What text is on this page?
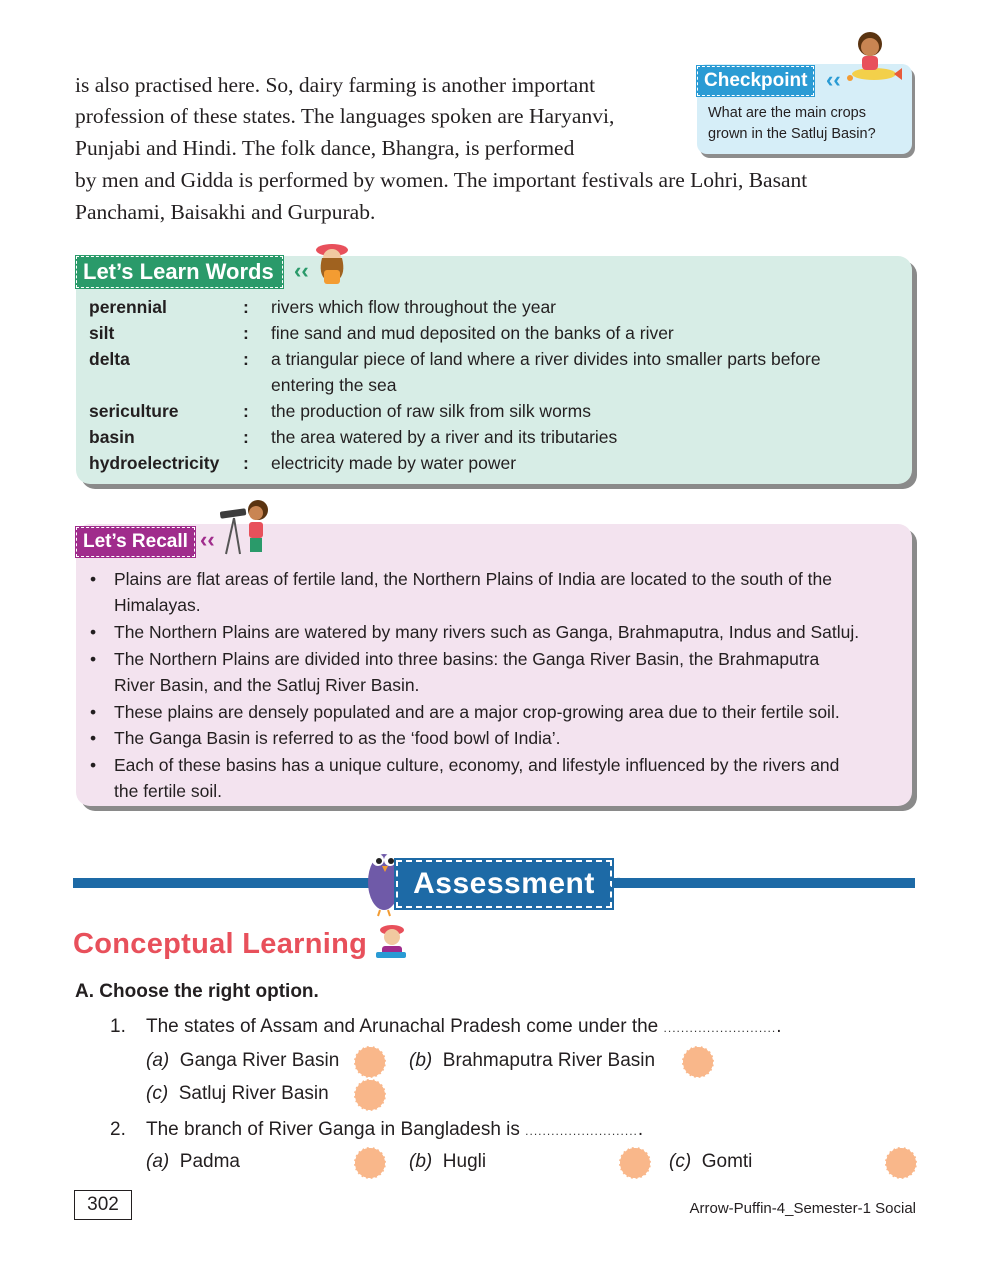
is also practised here. So, dairy farming is another important
profession of these states. The languages spoken are Haryanvi,
Punjabi and Hindi. The folk dance, Bhangra, is performed
by men and Gidda is performed by women. The important festivals are Lohri, Basant
Panchami, Baisakhi and Gurpurab.
Checkpoint ‹‹
What are the main crops
grown in the Satluj Basin?
Let’s Learn Words ‹‹
perennial	: rivers which flow throughout the year
silt	: fine sand and mud deposited on the banks of a river
delta	: a triangular piece of land where a river divides into smaller parts before
entering the sea
sericulture	: the production of raw silk from silk worms
basin	: the area watered by a river and its tributaries
hydroelectricity : electricity made by water power
Let’s Recall ‹‹
• Plains are flat areas of fertile land, the Northern Plains of India are located to the south of the
Himalayas.
• The Northern Plains are watered by many rivers such as Ganga, Brahmaputra, Indus and Satluj.
• The Northern Plains are divided into three basins: the Ganga River Basin, the Brahmaputra
River Basin, and the Satluj River Basin.
• These plains are densely populated and are a major crop-growing area due to their fertile soil.
• The Ganga Basin is referred to as the ‘food bowl of India’.
• Each of these basins has a unique culture, economy, and lifestyle influenced by the rivers and
the fertile soil.
Assessment ‹‹
Conceptual Learning
A. Choose the right option.
1. The states of Assam and Arunachal Pradesh come under the ...........................
(a) Ganga River Basin	(b) Brahmaputra River Basin
(c) Satluj River Basin
2. The branch of River Ganga in Bangladesh is ...........................
(a) Padma	(b) Hugli	(c) Gomti
302	Arrow-Puffin-4_Semester-1 Social
